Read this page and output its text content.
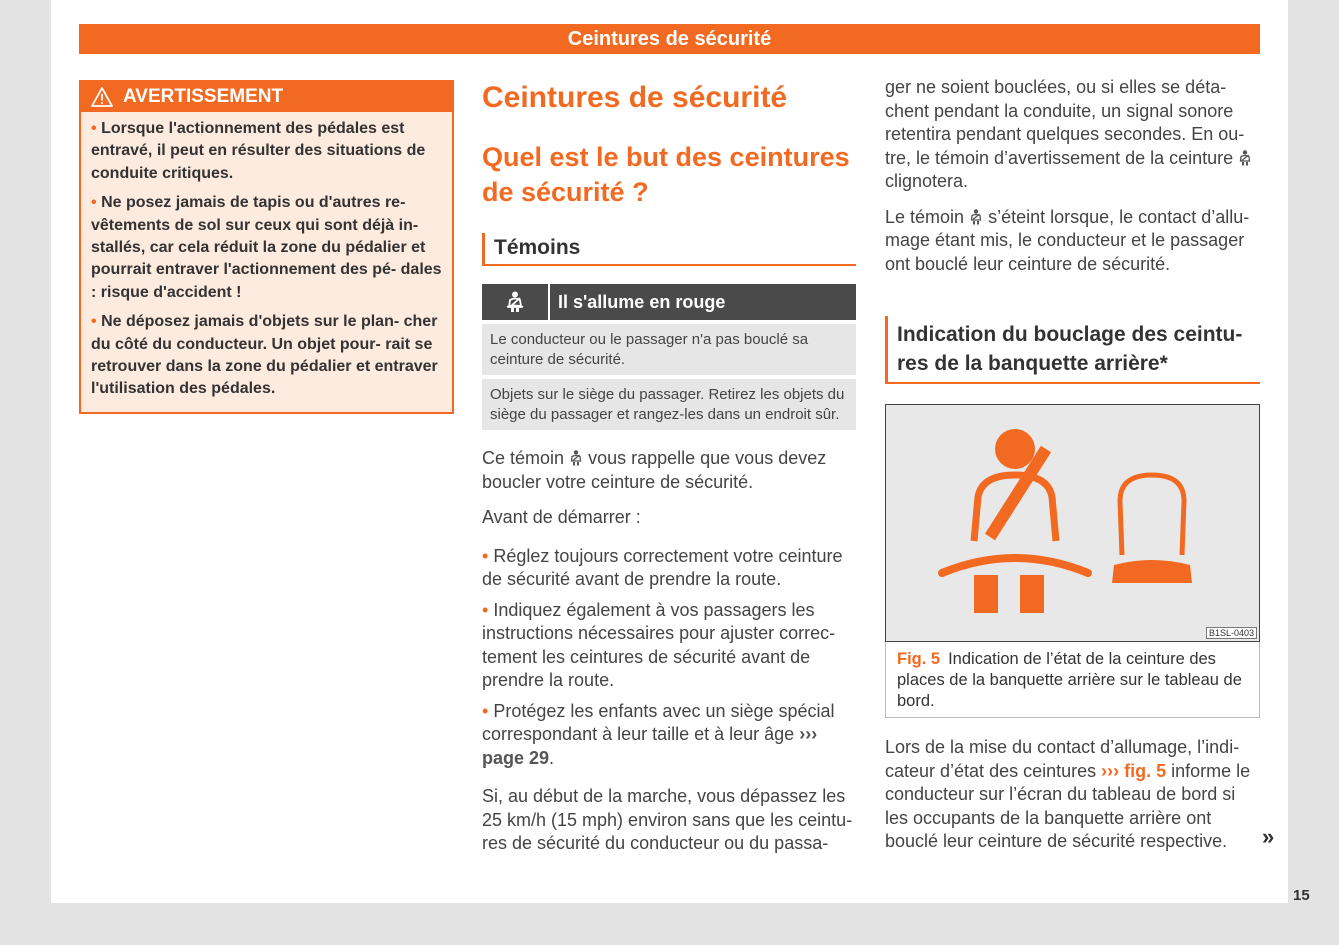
Ceintures de sécurité
AVERTISSEMENT

• Lorsque l'actionnement des pédales est entravé, il peut en résulter des situations de conduite critiques.

• Ne posez jamais de tapis ou d'autres re- vêtements de sol sur ceux qui sont déjà in- stallés, car cela réduit la zone du pédalier et pourrait entraver l'actionnement des pé- dales : risque d'accident !

• Ne déposez jamais d'objets sur le plan- cher du côté du conducteur. Un objet pour- rait se retrouver dans la zone du pédalier et entraver l'utilisation des pédales.

Ceintures de sécurité
Quel est le but des ceintures de sécurité ?
Témoins
Il s'allume en rouge
Le conducteur ou le passager n'a pas bouclé sa ceinture de sécurité.
Objets sur le siège du passager. Retirez les objets du siège du passager et rangez-les dans un endroit sûr.

Ce témoin vous rappelle que vous devez boucler votre ceinture de sécurité.

Avant de démarrer :

• Réglez toujours correctement votre ceinture de sécurité avant de prendre la route.

• Indiquez également à vos passagers les instructions nécessaires pour ajuster correc- tement les ceintures de sécurité avant de prendre la route.

• Protégez les enfants avec un siège spécial correspondant à leur taille et à leur âge ››› page 29.

Si, au début de la marche, vous dépassez les 25 km/h (15 mph) environ sans que les ceintu- res de sécurité du conducteur ou du passa-

ger ne soient bouclées, ou si elles se déta- chent pendant la conduite, un signal sonore retentira pendant quelques secondes. En ou- tre, le témoin d’avertissement de la ceinture  clignotera.

Le témoin s’éteint lorsque, le contact d’allu- mage étant mis, le conducteur et le passager ont bouclé leur ceinture de sécurité.

Indication du bouclage des ceintu- res de la banquette arrière*
B1SL-0403
Fig. 5 Indication de l’état de la ceinture des places de la banquette arrière sur le tableau de bord.

Lors de la mise du contact d’allumage, l’indi- cateur d’état des ceintures ››› fig. 5 informe le conducteur sur l’écran du tableau de bord si les occupants de la banquette arrière ont bouclé leur ceinture de sécurité respective.	»
15
